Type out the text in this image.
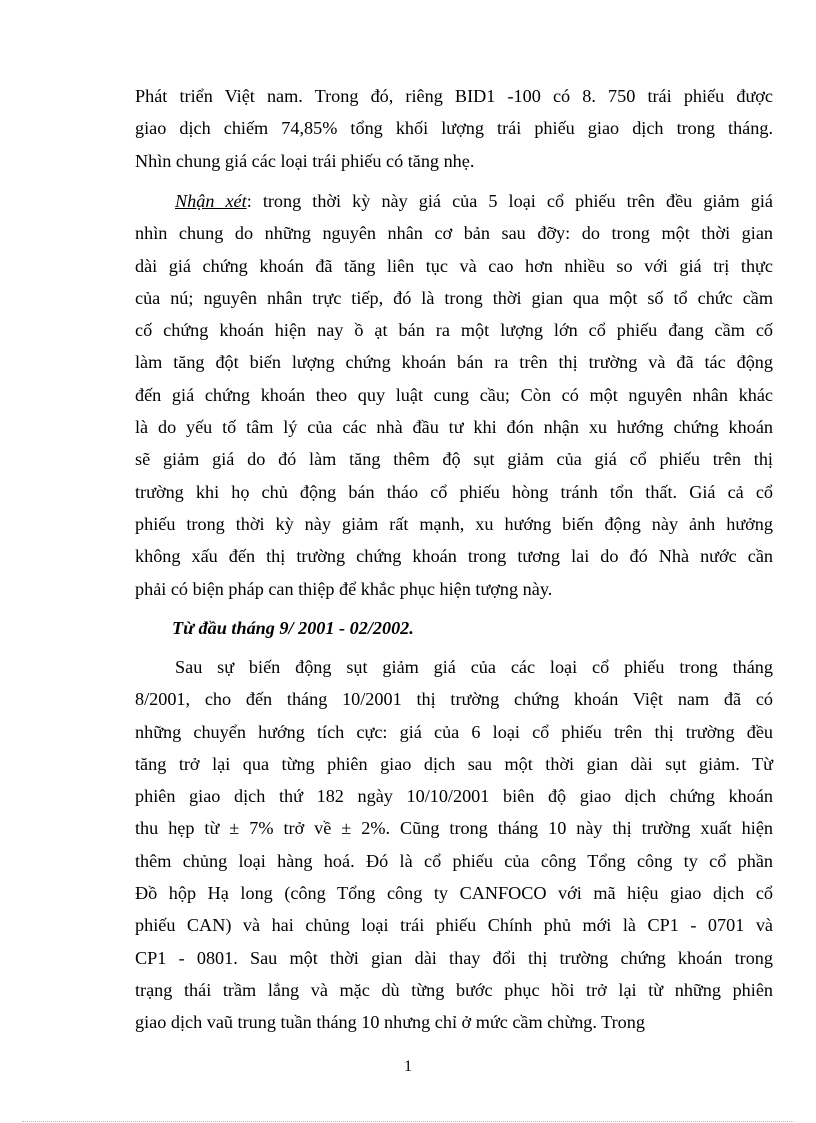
Phát triển Việt nam. Trong đó, riêng BID1 -100 có 8. 750 trái phiếu được
giao dịch chiếm 74,85% tổng khối lượng trái phiếu giao dịch trong tháng.
Nhìn chung giá các loại trái phiếu có tăng nhẹ.
Nhận xét: trong thời kỳ này giá của 5 loại cổ phiếu trên đều giảm giá
nhìn chung do những nguyên nhân cơ bản sau đỡy: do trong một thời gian
dài giá chứng khoán đã tăng liên tục và cao hơn nhiều so với giá trị thực
của nú; nguyên nhân trực tiếp, đó là trong thời gian qua một số tổ chức cầm
cố chứng khoán hiện nay ồ ạt bán ra một lượng lớn cổ phiếu đang cầm cố
làm tăng đột biến lượng chứng khoán bán ra trên thị trường và đã tác động
đến giá chứng khoán theo quy luật cung cầu; Còn có một nguyên nhân khác
là do yếu tố tâm lý của các nhà đầu tư khi đón nhận xu hướng chứng khoán
sẽ giảm giá do đó làm tăng thêm độ sụt giảm của giá cổ phiếu trên thị
trường khi họ chủ động bán tháo cổ phiếu hòng tránh tổn thất. Giá cả cổ
phiếu trong thời kỳ này giảm rất mạnh, xu hướng biến động này ảnh hưởng
không xấu đến thị trường chứng khoán trong tương lai do đó Nhà nước cần
phải có biện pháp can thiệp để khắc phục hiện tượng này.
Từ đầu tháng 9/ 2001 - 02/2002.
Sau sự biến động sụt giảm giá của các loại cổ phiếu trong tháng
8/2001, cho đến tháng 10/2001 thị trường chứng khoán Việt nam đã có
những chuyển hướng tích cực: giá của 6 loại cổ phiếu trên thị trường đều
tăng trở lại qua từng phiên giao dịch sau một thời gian dài sụt giảm. Từ
phiên giao dịch thứ 182 ngày 10/10/2001 biên độ giao dịch chứng khoán
thu hẹp từ ± 7% trở về ± 2%. Cũng trong tháng 10 này thị trường xuất hiện
thêm chủng loại hàng hoá. Đó là cổ phiếu của công Tổng công ty cổ phần
Đồ hộp Hạ long (công Tổng công ty CANFOCO với mã hiệu giao dịch cổ
phiếu CAN) và hai chủng loại trái phiếu Chính phủ mới là CP1 - 0701 và
CP1 - 0801. Sau một thời gian dài thay đổi thị trường chứng khoán trong
trạng thái trầm lắng và mặc dù từng bước phục hồi trở lại từ những phiên
giao dịch vaũ trung tuần tháng 10 nhưng chỉ ở mức cầm chừng. Trong
1
